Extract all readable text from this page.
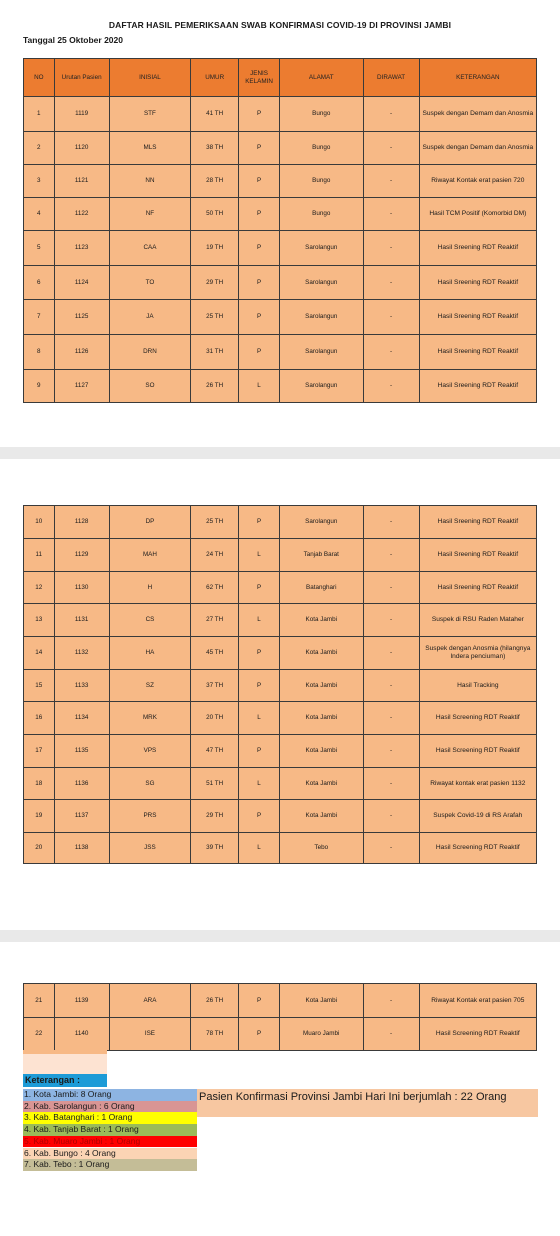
DAFTAR HASIL PEMERIKSAAN SWAB KONFIRMASI COVID-19 DI PROVINSI JAMBI
Tanggal 25 Oktober 2020
NO	Urutan Pasien	INISIAL	UMUR	JENIS KELAMIN	ALAMAT	DIRAWAT	KETERANGAN
1	1119	STF	41 TH	P	Bungo	-	Suspek dengan Demam dan Anosmia
2	1120	MLS	38 TH	P	Bungo	-	Suspek dengan Demam dan Anosmia
3	1121	NN	28 TH	P	Bungo	-	Riwayat Kontak erat pasien 720
4	1122	NF	50 TH	P	Bungo	-	Hasil TCM Positif (Komorbid DM)
5	1123	CAA	19 TH	P	Sarolangun	-	Hasil Sreening RDT Reaktif
6	1124	TO	29 TH	P	Sarolangun	-	Hasil Sreening RDT Reaktif
7	1125	JA	25 TH	P	Sarolangun	-	Hasil Sreening RDT Reaktif
8	1126	DRN	31 TH	P	Sarolangun	-	Hasil Sreening RDT Reaktif
9	1127	SO	26 TH	L	Sarolangun	-	Hasil Sreening RDT Reaktif
10	1128	DP	25 TH	P	Sarolangun	-	Hasil Sreening RDT Reaktif
11	1129	MAH	24 TH	L	Tanjab Barat	-	Hasil Sreening RDT Reaktif
12	1130	H	62 TH	P	Batanghari	-	Hasil Sreening RDT Reaktif
13	1131	CS	27 TH	L	Kota Jambi	-	Suspek di RSU Raden Mataher
14	1132	HA	45 TH	P	Kota Jambi	-	Suspek dengan Anosmia (hilangnya Indera penciuman)
15	1133	SZ	37 TH	P	Kota Jambi	-	Hasil Tracking
16	1134	MRK	20 TH	L	Kota Jambi	-	Hasil Screening RDT Reaktif
17	1135	VPS	47 TH	P	Kota Jambi	-	Hasil Screening RDT Reaktif
18	1136	SG	51 TH	L	Kota Jambi	-	Riwayat kontak erat pasien 1132
19	1137	PRS	29 TH	P	Kota Jambi	-	Suspek Covid-19 di RS Arafah
20	1138	JSS	39 TH	L	Tebo	-	Hasil Screening RDT Reaktif
21	1139	ARA	26 TH	P	Kota Jambi	-	Riwayat Kontak erat pasien 705
22	1140	ISE	78 TH	P	Muaro Jambi	-	Hasil Screening RDT Reaktif
Keterangan :
1. Kota Jambi: 8 Orang
2. Kab. Sarolangun : 6 Orang
3. Kab. Batanghari : 1 Orang
4. Kab. Tanjab Barat : 1 Orang
5. Kab. Muaro Jambi : 1 Orang
6. Kab. Bungo : 4 Orang
7. Kab. Tebo : 1 Orang
Pasien Konfirmasi Provinsi Jambi Hari Ini berjumlah : 22 Orang
